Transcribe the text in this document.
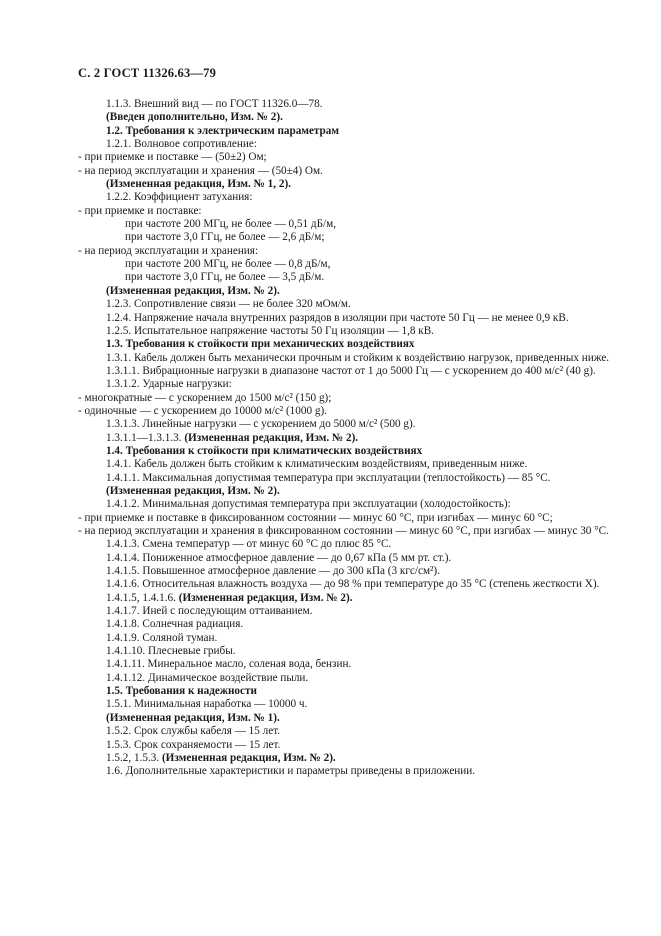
С. 2 ГОСТ 11326.63—79
1.1.3. Внешний вид — по ГОСТ 11326.0—78.
(Введен дополнительно, Изм. № 2).
1.2. Требования к электрическим параметрам
1.2.1. Волновое сопротивление:
- при приемке и поставке — (50±2) Ом;
- на период эксплуатации и хранения — (50±4) Ом.
(Измененная редакция, Изм. № 1, 2).
1.2.2. Коэффициент затухания:
- при приемке и поставке:
при частоте 200 МГц, не более — 0,51 дБ/м,
при частоте 3,0 ГГц, не более — 2,6 дБ/м;
- на период эксплуатации и хранения:
при частоте 200 МГц, не более — 0,8 дБ/м,
при частоте 3,0 ГГц, не более — 3,5 дБ/м.
(Измененная редакция, Изм. № 2).
1.2.3. Сопротивление связи — не более 320 мОм/м.
1.2.4. Напряжение начала внутренних разрядов в изоляции при частоте 50 Гц — не менее 0,9 кВ.
1.2.5. Испытательное напряжение частоты 50 Гц изоляции — 1,8 кВ.
1.3. Требования к стойкости при механических воздействиях
1.3.1. Кабель должен быть механически прочным и стойким к воздействию нагрузок, приведенных ниже.
1.3.1.1. Вибрационные нагрузки в диапазоне частот от 1 до 5000 Гц — с ускорением до 400 м/с² (40 g).
1.3.1.2. Ударные нагрузки:
- многократные — с ускорением до 1500 м/с² (150 g);
- одиночные — с ускорением до 10000 м/с² (1000 g).
1.3.1.3. Линейные нагрузки — с ускорением до 5000 м/с² (500 g).
1.3.1.1—1.3.1.3. (Измененная редакция, Изм. № 2).
1.4. Требования к стойкости при климатических воздействиях
1.4.1. Кабель должен быть стойким к климатическим воздействиям, приведенным ниже.
1.4.1.1. Максимальная допустимая температура при эксплуатации (теплостойкость) — 85 °С.
(Измененная редакция, Изм. № 2).
1.4.1.2. Минимальная допустимая температура при эксплуатации (холодостойкость):
- при приемке и поставке в фиксированном состоянии — минус 60 °С, при изгибах — минус 60 °С;
- на период эксплуатации и хранения в фиксированном состоянии — минус 60 °С, при изгибах — минус 30 °С.
1.4.1.3. Смена температур — от минус 60 °С до плюс 85 °С.
1.4.1.4. Пониженное атмосферное давление — до 0,67 кПа (5 мм рт. ст.).
1.4.1.5. Повышенное атмосферное давление — до 300 кПа (3 кгс/см²).
1.4.1.6. Относительная влажность воздуха — до 98 % при температуре до 35 °С (степень жесткости X).
1.4.1.5, 1.4.1.6. (Измененная редакция, Изм. № 2).
1.4.1.7. Иней с последующим оттаиванием.
1.4.1.8. Солнечная радиация.
1.4.1.9. Соляной туман.
1.4.1.10. Плесневые грибы.
1.4.1.11. Минеральное масло, соленая вода, бензин.
1.4.1.12. Динамическое воздействие пыли.
1.5. Требования к надежности
1.5.1. Минимальная наработка — 10000 ч.
(Измененная редакция, Изм. № 1).
1.5.2. Срок службы кабеля — 15 лет.
1.5.3. Срок сохраняемости — 15 лет.
1.5.2, 1.5.3. (Измененная редакция, Изм. № 2).
1.6. Дополнительные характеристики и параметры приведены в приложении.
